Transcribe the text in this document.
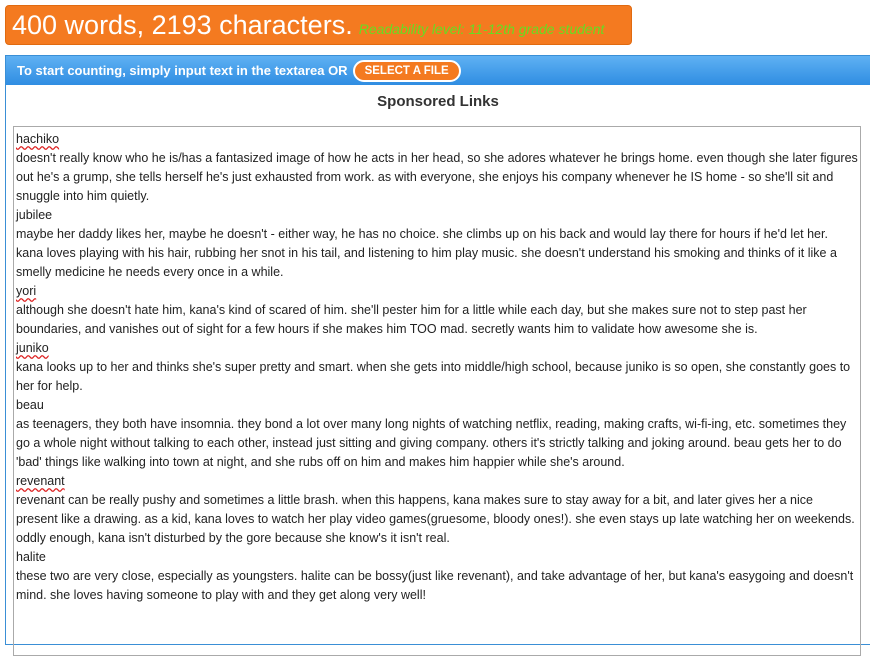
400 words, 2193 characters. Readability level: 11-12th grade student
To start counting, simply input text in the textarea OR	SELECT A FILE
Sponsored Links

hachiko

doesn't really know who he is/has a fantasized image of how he acts in her head, so she adores whatever he brings home. even though she later figures out he's a grump, she tells herself he's just exhausted from work. as with everyone, she enjoys his company whenever he IS home - so she'll sit and snuggle into him quietly.

jubilee

maybe her daddy likes her, maybe he doesn't - either way, he has no choice. she climbs up on his back and would lay there for hours if he'd let her. kana loves playing with his hair, rubbing her snot in his tail, and listening to him play music. she doesn't understand his smoking and thinks of it like a smelly medicine he needs every once in a while.

yori

although she doesn't hate him, kana's kind of scared of him. she'll pester him for a little while each day, but she makes sure not to step past her boundaries, and vanishes out of sight for a few hours if she makes him TOO mad. secretly wants him to validate how awesome she is.

juniko

kana looks up to her and thinks she's super pretty and smart. when she gets into middle/high school, because juniko is so open, she constantly goes to her for help.

beau

as teenagers, they both have insomnia. they bond a lot over many long nights of watching netflix, reading, making crafts, wi-fi-ing, etc. sometimes they go a whole night without talking to each other, instead just sitting and giving company. others it's strictly talking and joking around. beau gets her to do 'bad' things like walking into town at night, and she rubs off on him and makes him happier while she's around.

revenant

revenant can be really pushy and sometimes a little brash. when this happens, kana makes sure to stay away for a bit, and later gives her a nice present like a drawing. as a kid, kana loves to watch her play video games(gruesome, bloody ones!). she even stays up late watching her on weekends. oddly enough, kana isn't disturbed by the gore because she know's it isn't real.

halite

these two are very close, especially as youngsters. halite can be bossy(just like revenant), and take advantage of her, but kana's easygoing and doesn't mind. she loves having someone to play with and they get along very well!
